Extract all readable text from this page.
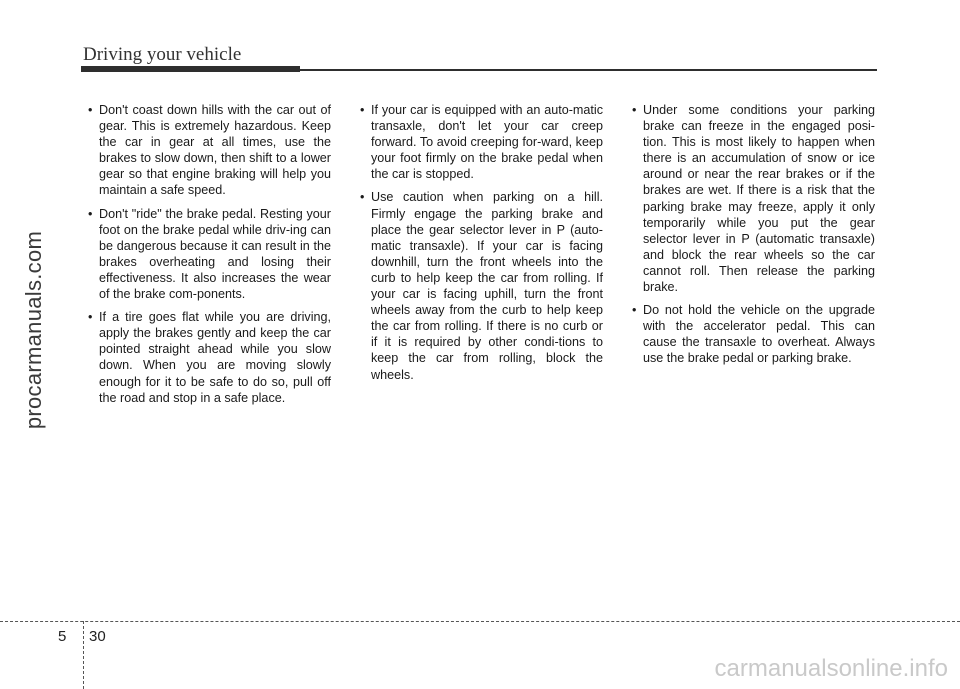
Driving your vehicle
procarmanuals.com
• Don't coast down hills with the car out of gear. This is extremely hazardous. Keep the car in gear at all times, use the brakes to slow down, then shift to a lower gear so that engine braking will help you maintain a safe speed.
• Don't "ride" the brake pedal. Resting your foot on the brake pedal while driv-ing can be dangerous because it can result in the brakes overheating and losing their effectiveness. It also increases the wear of the brake com-ponents.
• If a tire goes flat while you are driving, apply the brakes gently and keep the car pointed straight ahead while you slow down. When you are moving slowly enough for it to be safe to do so, pull off the road and stop in a safe place.
• If your car is equipped with an auto-matic transaxle, don't let your car creep forward. To avoid creeping for-ward, keep your foot firmly on the brake pedal when the car is stopped.
• Use caution when parking on a hill. Firmly engage the parking brake and place the gear selector lever in P (auto-matic transaxle). If your car is facing downhill, turn the front wheels into the curb to help keep the car from rolling. If your car is facing uphill, turn the front wheels away from the curb to help keep the car from rolling. If there is no curb or if it is required by other condi-tions to keep the car from rolling, block the wheels.
• Under some conditions your parking brake can freeze in the engaged posi-tion. This is most likely to happen when there is an accumulation of snow or ice around or near the rear brakes or if the brakes are wet. If there is a risk that the parking brake may freeze, apply it only temporarily while you put the gear selector lever in P (automatic transaxle) and block the rear wheels so the car cannot roll. Then release the parking brake.
• Do not hold the vehicle on the upgrade with the accelerator pedal. This can cause the transaxle to overheat. Always use the brake pedal or parking brake.
5 30
carmanualsonline.info
